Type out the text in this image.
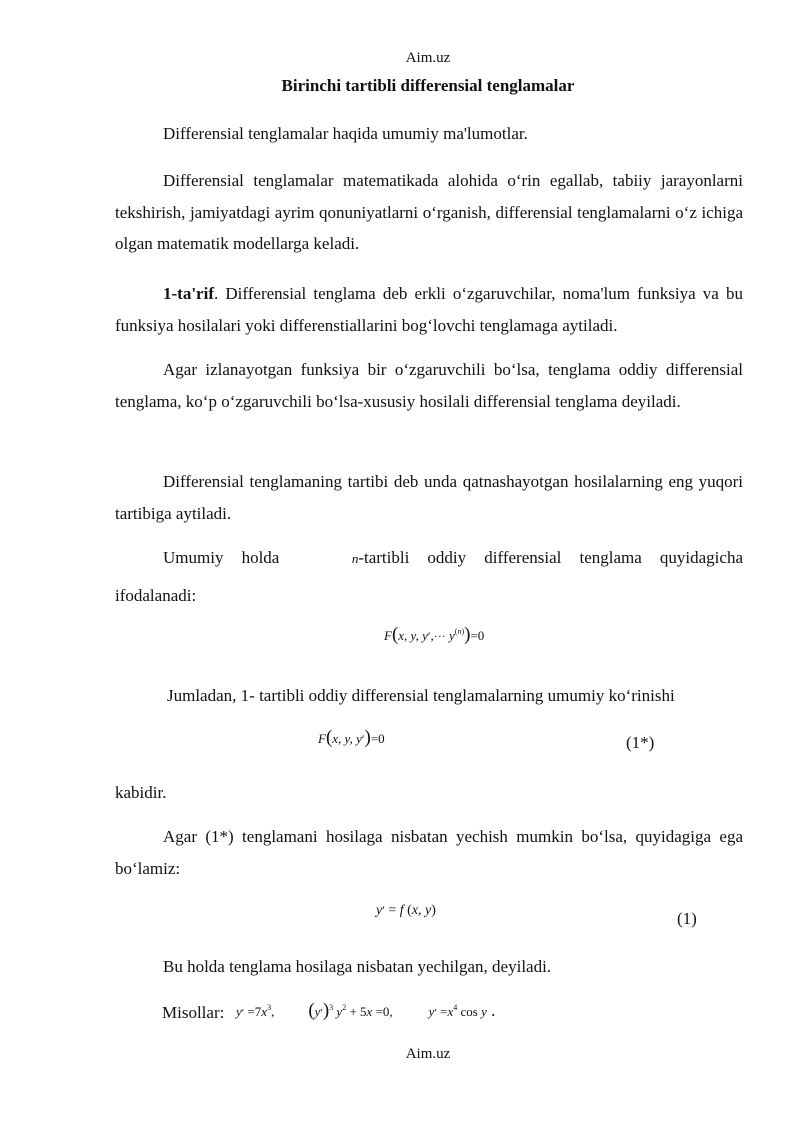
Aim.uz
Birinchi tartibli differensial tenglamalar
Differensial tenglamalar haqida umumiy ma'lumotlar.
Differensial tenglamalar matematikada alohida o‘rin egallab, tabiiy jarayonlarni tekshirish, jamiyatdagi ayrim qonuniyatlarni o‘rganish, differensial tenglamalarni o‘z ichiga olgan matematik modellarga keladi.
1-ta'rif. Differensial tenglama deb erkli o‘zgaruvchilar, noma'lum funksiya va bu funksiya hosilalari yoki differenstiallarini bog‘lovchi tenglamaga aytiladi.
Agar izlanayotgan funksiya bir o‘zgaruvchili bo‘lsa, tenglama oddiy differensial tenglama, ko‘p o‘zgaruvchili bo‘lsa-xususiy hosilali differensial tenglama deyiladi.
Differensial tenglamaning tartibi deb unda qatnashayotgan hosilalarning eng yuqori tartibiga aytiladi.
Umumiy holda	n-tartibli oddiy differensial tenglama quyidagicha
ifodalanadi:
F(x, y, $y',\cdot\cdot\cdot y^{(n)})=0$
Jumladan, 1- tartibli oddiy differensial tenglamalarning umumiy ko‘rinishi
F(x, y, y′)=0	(1*)
kabidir.
Agar (1*) tenglamani hosilaga nisbatan yechish mumkin bo‘lsa, quyidagiga ega bo‘lamiz:
y′ = f (x, y)	(1)
Bu holda tenglama hosilaga nisbatan yechilgan, deyiladi.
Misollar: $y' =7x^3$, $(y')^3$ $y^2 + 5x =0$,	$y' =x^4$ cos y .
Aim.uz
